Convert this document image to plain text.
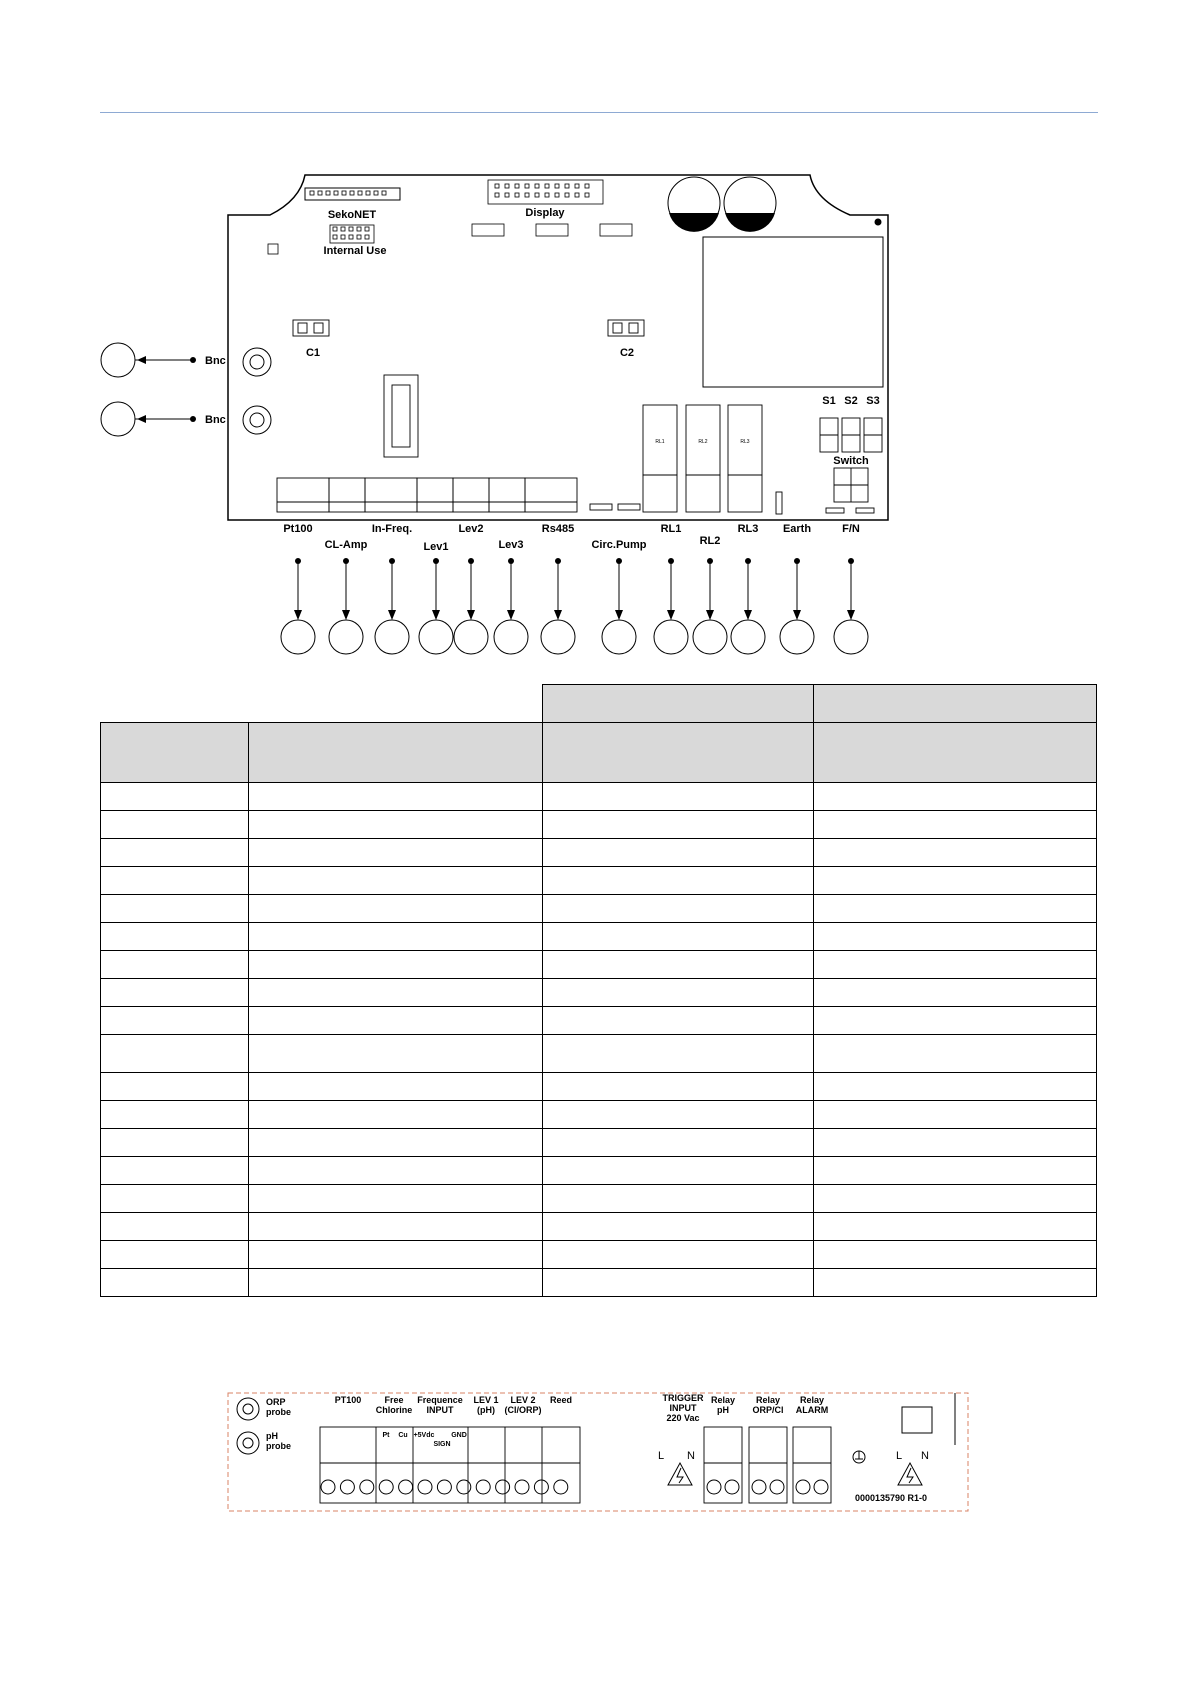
SekoNET
Internal Use
Display
C1	C2
Bnc
Bnc
S1 S2 S3
Switch
Pt100
CL-Amp
In-Freq.
Lev1
Lev2
Lev3
Rs485
Circ.Pump
RL1
RL2
RL3 Earth	F/N
RL1	RL2	RL3

ORP probe
pH probe
PT100	Free Chlorine
Frequence INPUT
LEV 1 (pH)
LEV 2 (Cl/ORP)
Reed
Pt Cu +5Vdc
SIGN
GND
TRIGGER INPUT 220 Vac
L N
Relay pH
Relay ORP/Cl
Relay ALARM
L N
0000135790 R1-0
